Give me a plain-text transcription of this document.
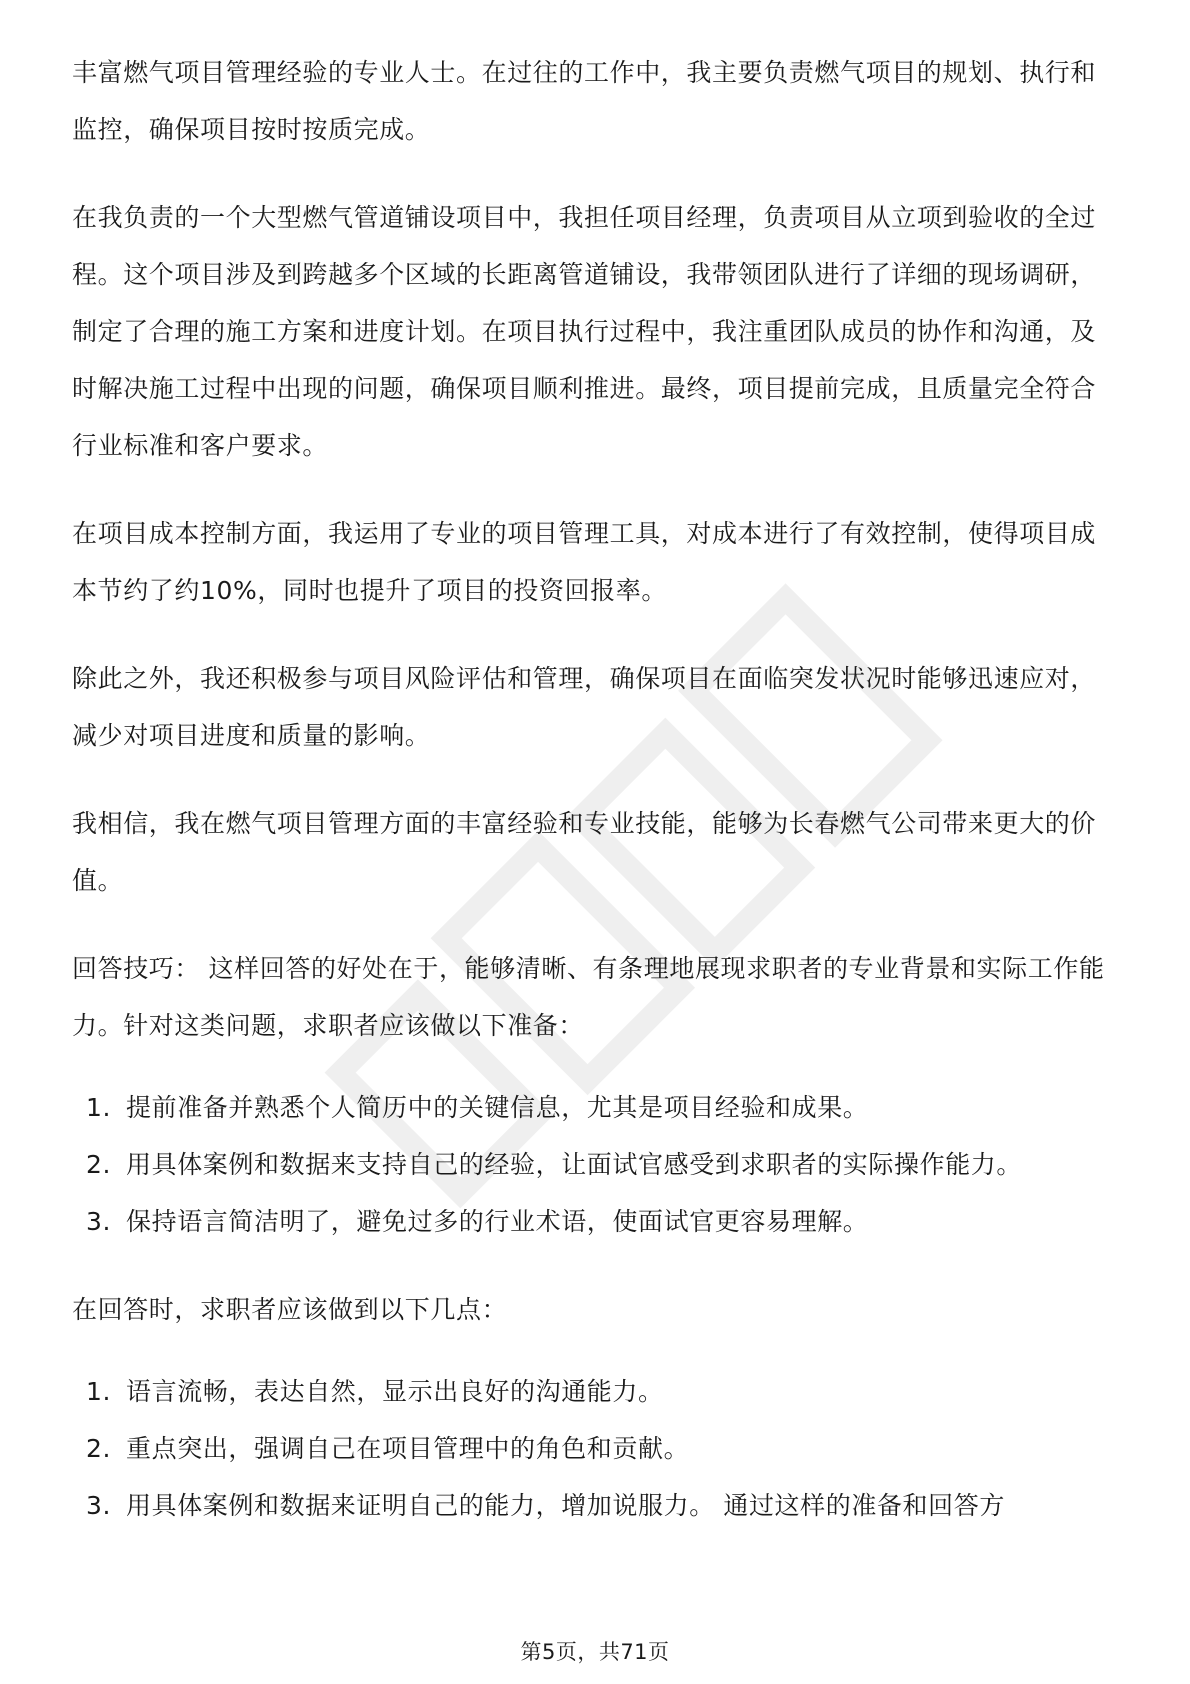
丰富燃气项目管理经验的专业人士。在过往的工作中，我主要负责燃气项目的规划、执行和监控，确保项目按时按质完成。

在我负责的一个大型燃气管道铺设项目中，我担任项目经理，负责项目从立项到验收的全过程。这个项目涉及到跨越多个区域的长距离管道铺设，我带领团队进行了详细的现场调研，制定了合理的施工方案和进度计划。在项目执行过程中，我注重团队成员的协作和沟通，及时解决施工过程中出现的问题，确保项目顺利推进。最终，项目提前完成，且质量完全符合行业标准和客户要求。

在项目成本控制方面，我运用了专业的项目管理工具，对成本进行了有效控制，使得项目成本节约了约10%，同时也提升了项目的投资回报率。

除此之外，我还积极参与项目风险评估和管理，确保项目在面临突发状况时能够迅速应对，减少对项目进度和质量的影响。

我相信，我在燃气项目管理方面的丰富经验和专业技能，能够为长春燃气公司带来更大的价值。

回答技巧： 这样回答的好处在于，能够清晰、有条理地展现求职者的专业背景和实际工作能力。针对这类问题，求职者应该做以下准备：

1. 提前准备并熟悉个人简历中的关键信息，尤其是项目经验和成果。
2. 用具体案例和数据来支持自己的经验，让面试官感受到求职者的实际操作能力。
3. 保持语言简洁明了，避免过多的行业术语，使面试官更容易理解。

在回答时，求职者应该做到以下几点：

1. 语言流畅，表达自然，显示出良好的沟通能力。
2. 重点突出，强调自己在项目管理中的角色和贡献。
3. 用具体案例和数据来证明自己的能力，增加说服力。 通过这样的准备和回答方
第5页，共71页
